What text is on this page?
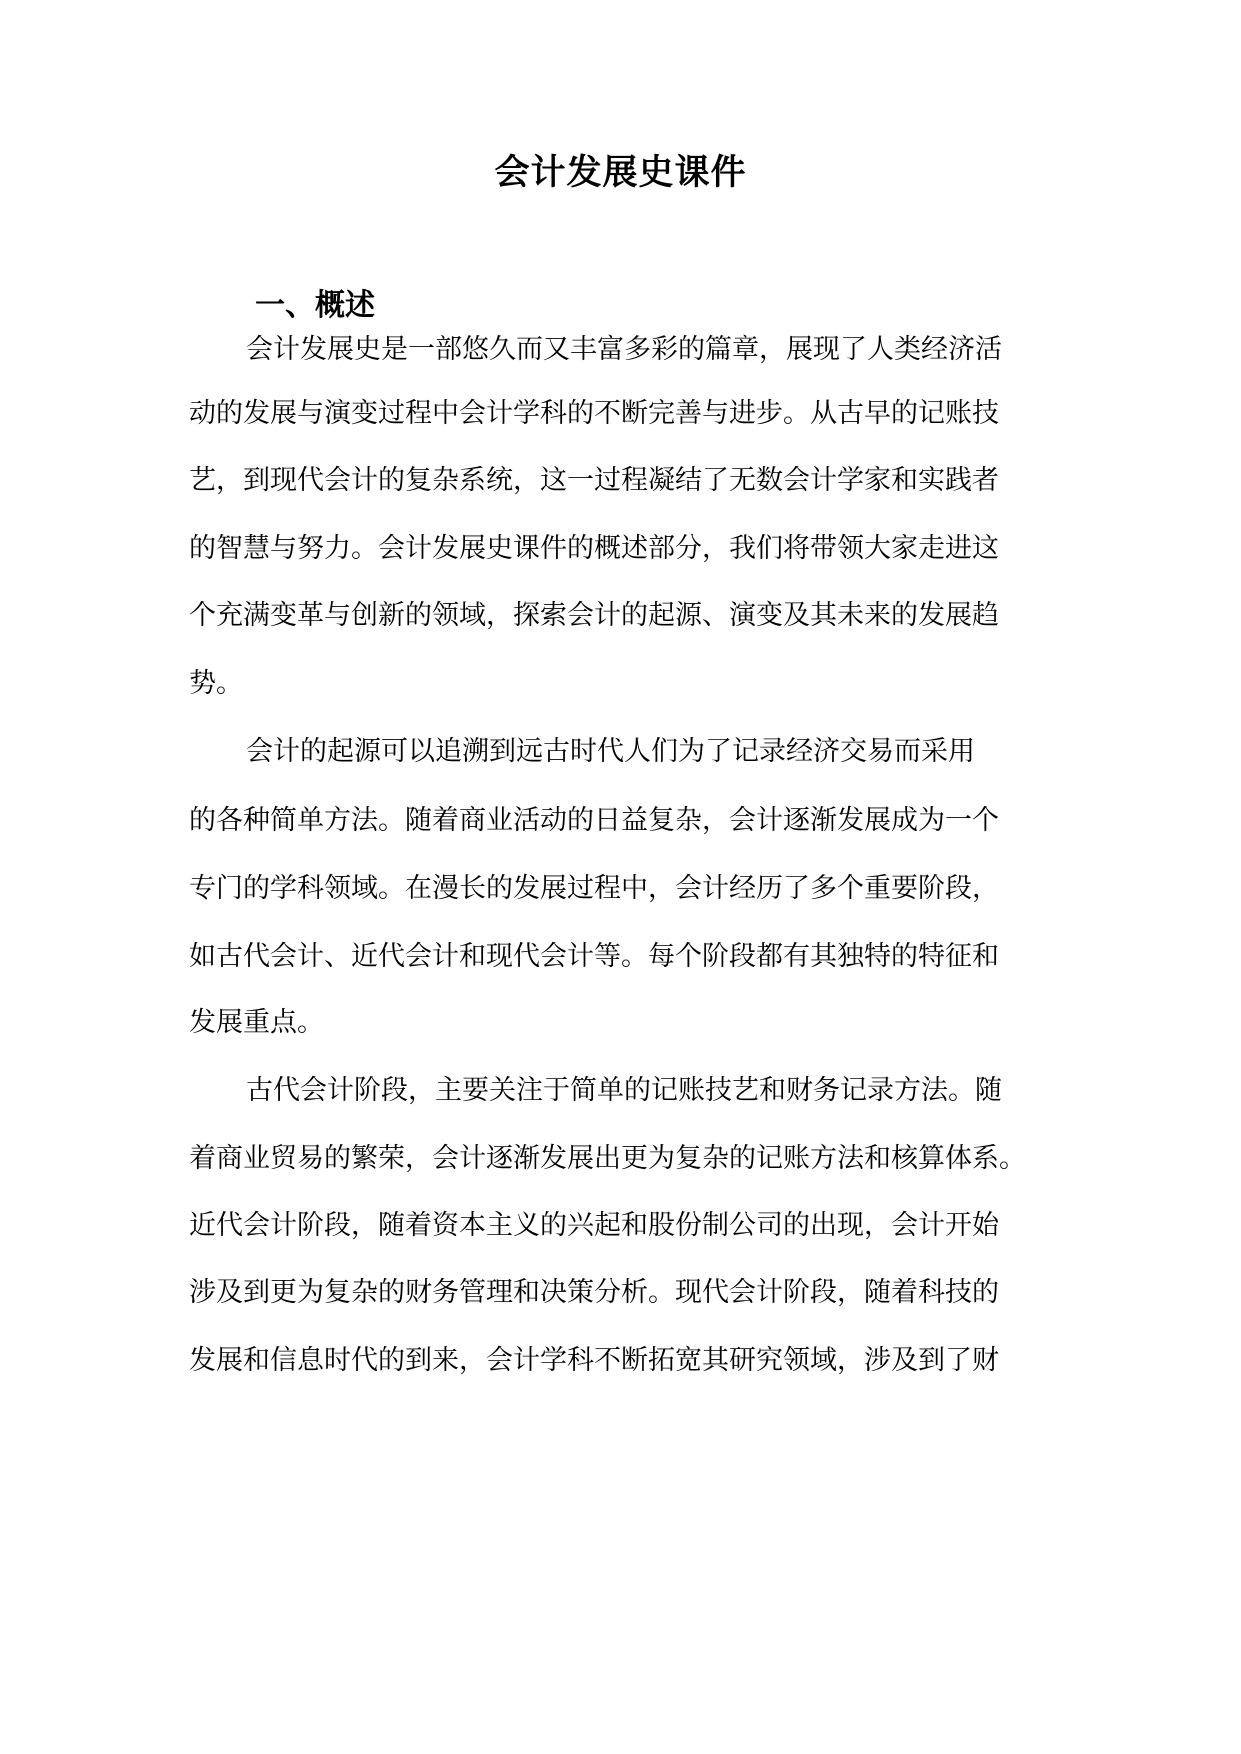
会计发展史课件
一、概述

会计发展史是一部悠久而又丰富多彩的篇章，展现了人类经济活

动的发展与演变过程中会计学科的不断完善与进步。从古早的记账技

艺，到现代会计的复杂系统，这一过程凝结了无数会计学家和实践者

的智慧与努力。会计发展史课件的概述部分，我们将带领大家走进这

个充满变革与创新的领域，探索会计的起源、演变及其未来的发展趋

势。

会计的起源可以追溯到远古时代人们为了记录经济交易而采用

的各种简单方法。随着商业活动的日益复杂，会计逐渐发展成为一个

专门的学科领域。在漫长的发展过程中，会计经历了多个重要阶段，

如古代会计、近代会计和现代会计等。每个阶段都有其独特的特征和

发展重点。

古代会计阶段，主要关注于简单的记账技艺和财务记录方法。随

着商业贸易的繁荣，会计逐渐发展出更为复杂的记账方法和核算体系。

近代会计阶段，随着资本主义的兴起和股份制公司的出现，会计开始

涉及到更为复杂的财务管理和决策分析。现代会计阶段，随着科技的

发展和信息时代的到来，会计学科不断拓宽其研究领域，涉及到了财
